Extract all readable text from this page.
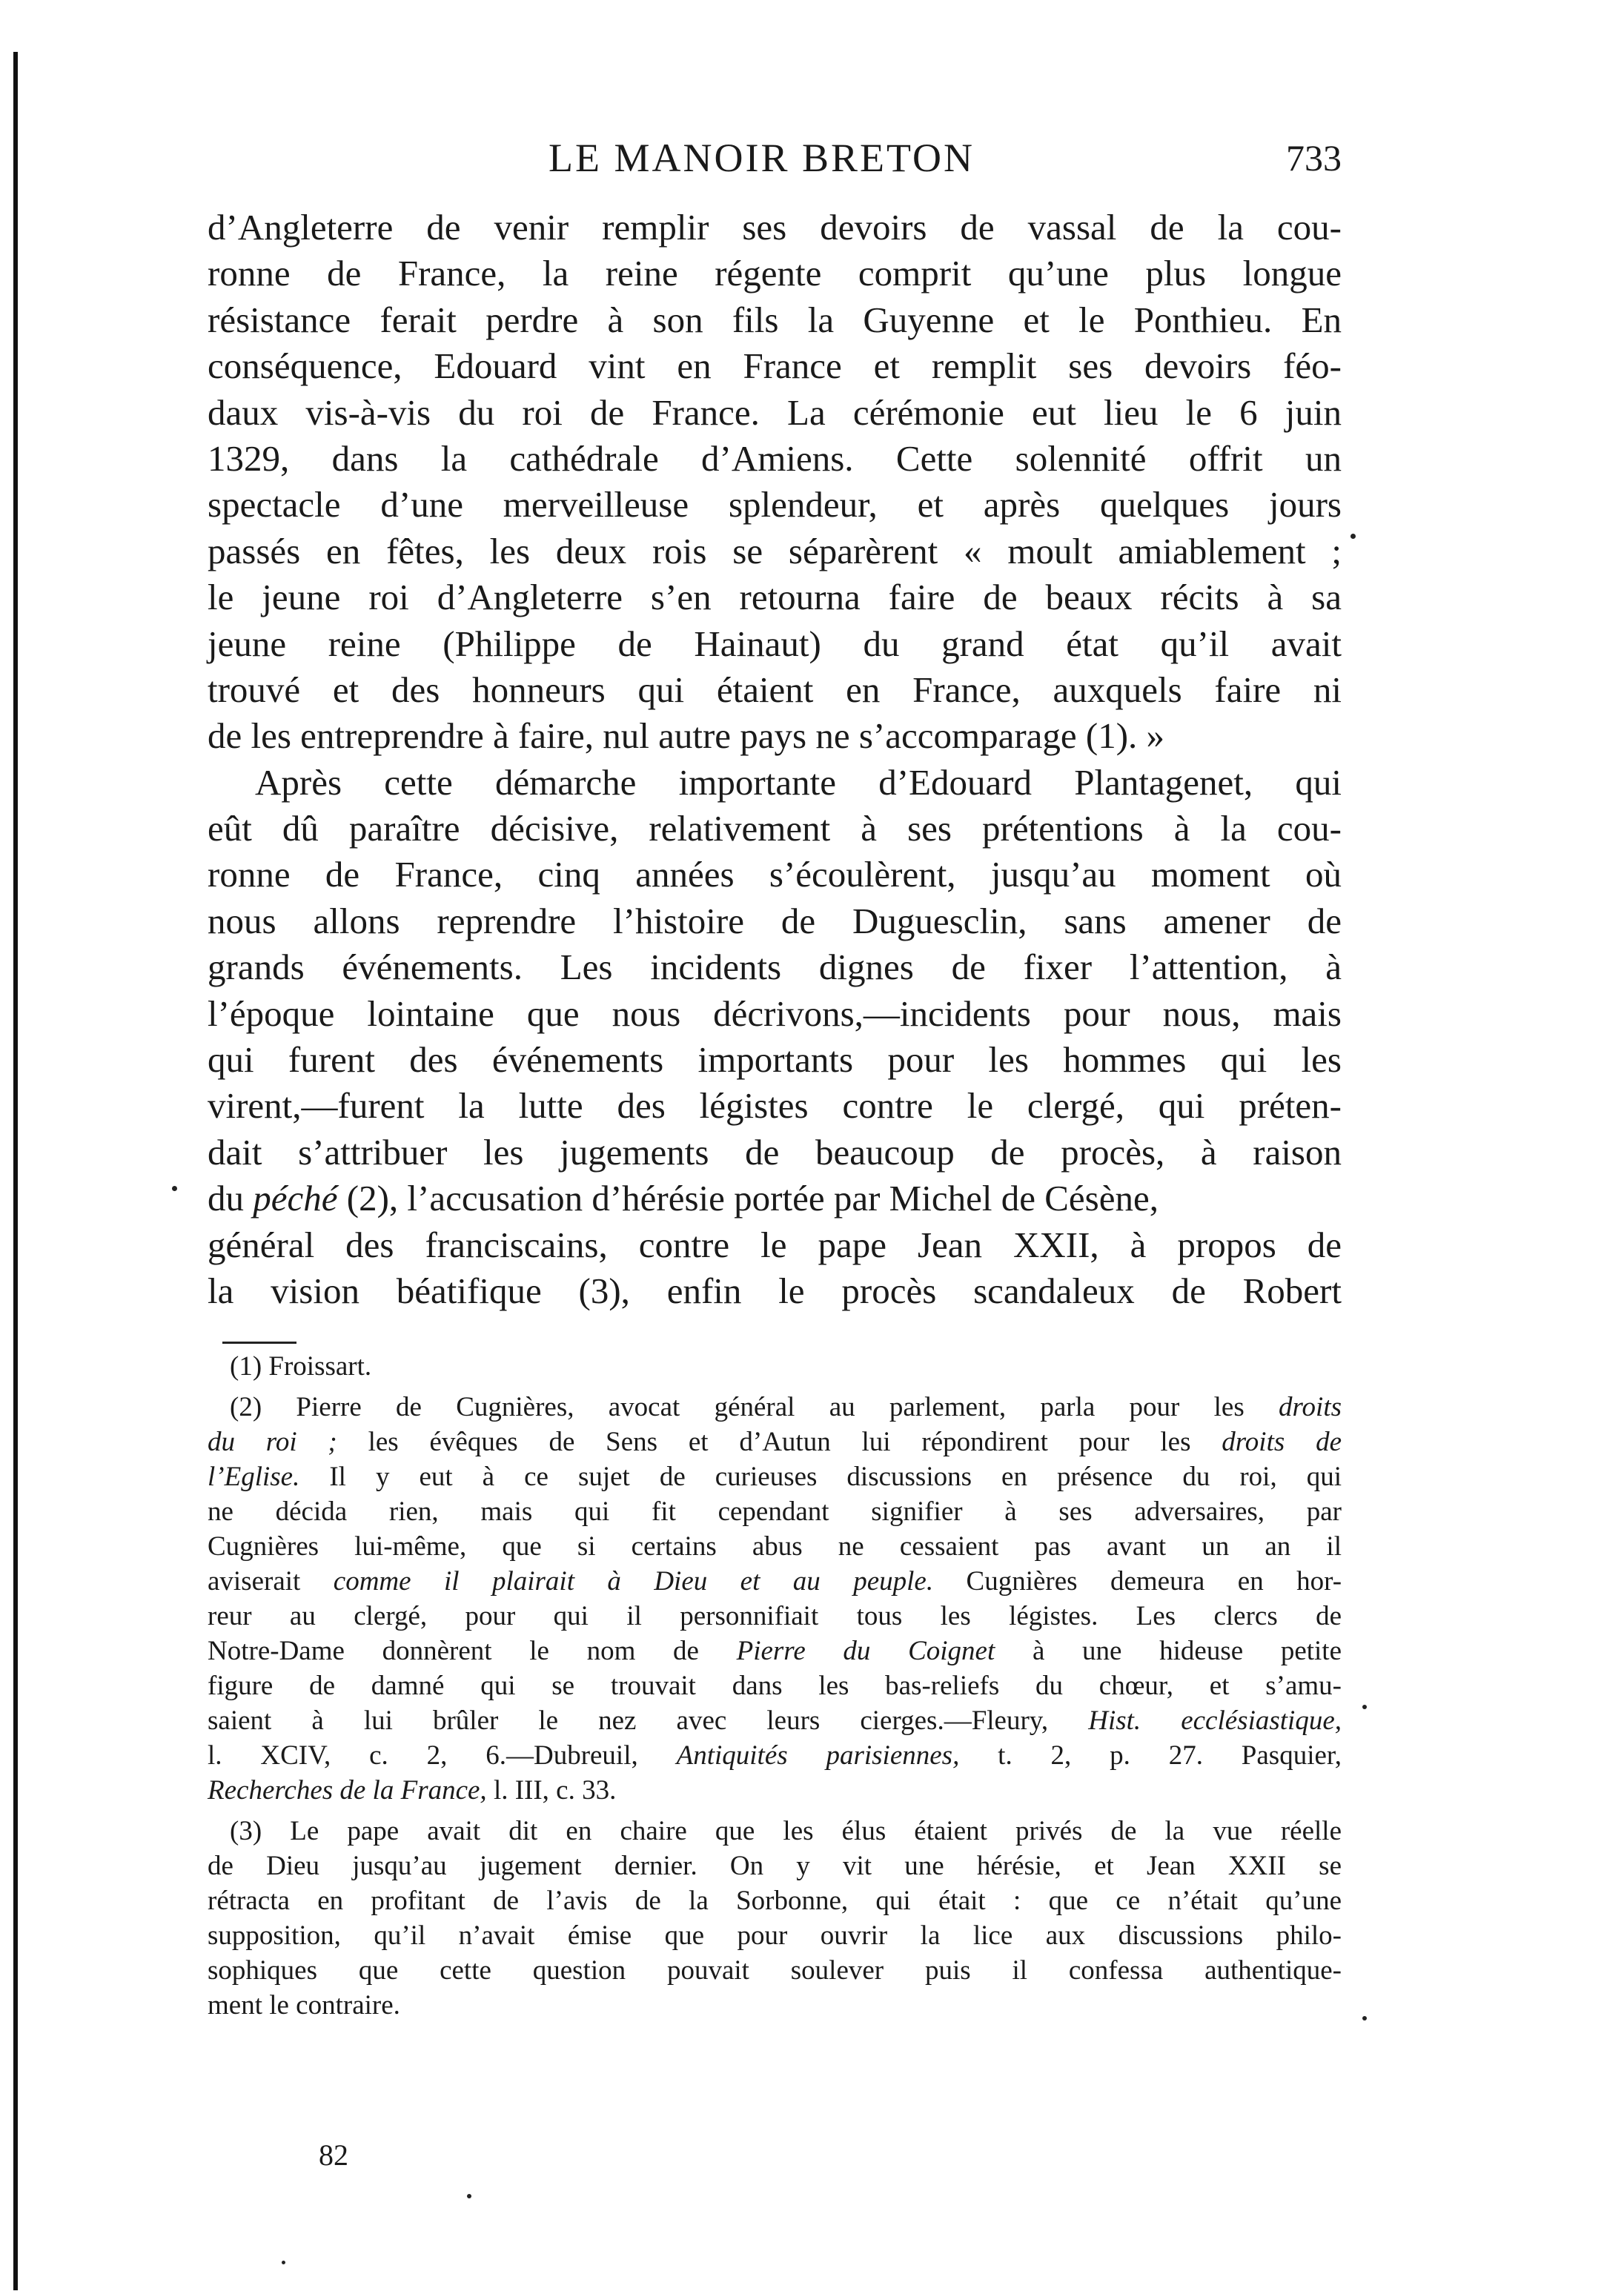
LE MANOIR BRETON	733
d’Angleterre de venir remplir ses devoirs de vassal de la cou-
ronne de France, la reine régente comprit qu’une plus longue
résistance ferait perdre à son fils la Guyenne et le Ponthieu. En
conséquence, Edouard vint en France et remplit ses devoirs féo-
daux vis-à-vis du roi de France. La cérémonie eut lieu le 6 juin
1329, dans la cathédrale d’Amiens. Cette solennité offrit un
spectacle d’une merveilleuse splendeur, et après quelques jours
passés en fêtes, les deux rois se séparèrent « moult amiablement ;
le jeune roi d’Angleterre s’en retourna faire de beaux récits à sa
jeune reine (Philippe de Hainaut) du grand état qu’il avait
trouvé et des honneurs qui étaient en France, auxquels faire ni
de les entreprendre à faire, nul autre pays ne s’accomparage (1). »
Après cette démarche importante d’Edouard Plantagenet, qui
eût dû paraître décisive, relativement à ses prétentions à la cou-
ronne de France, cinq années s’écoulèrent, jusqu’au moment où
nous allons reprendre l’histoire de Duguesclin, sans amener de
grands événements. Les incidents dignes de fixer l’attention, à
l’époque lointaine que nous décrivons,—incidents pour nous, mais
qui furent des événements importants pour les hommes qui les
virent,—furent la lutte des légistes contre le clergé, qui préten-
dait s’attribuer les jugements de beaucoup de procès, à raison
du péché (2), l’accusation d’hérésie portée par Michel de Césène,
général des franciscains, contre le pape Jean XXII, à propos de
la vision béatifique (3), enfin le procès scandaleux de Robert
(1) Froissart.
(2) Pierre de Cugnières, avocat général au parlement, parla pour les droits
du roi ; les évêques de Sens et d’Autun lui répondirent pour les droits de
l’Eglise. Il y eut à ce sujet de curieuses discussions en présence du roi, qui
ne décida rien, mais qui fit cependant signifier à ses adversaires, par
Cugnières lui-même, que si certains abus ne cessaient pas avant un an il
aviserait comme il plairait à Dieu et au peuple. Cugnières demeura en hor-
reur au clergé, pour qui il personnifiait tous les légistes. Les clercs de
Notre-Dame donnèrent le nom de Pierre du Coignet à une hideuse petite
figure de damné qui se trouvait dans les bas-reliefs du chœur, et s’amu-
saient à lui brûler le nez avec leurs cierges.—Fleury, Hist. ecclésiastique,
l. XCIV, c. 2, 6.—Dubreuil, Antiquités parisiennes, t. 2, p. 27. Pasquier,
Recherches de la France, l. III, c. 33.
(3) Le pape avait dit en chaire que les élus étaient privés de la vue réelle
de Dieu jusqu’au jugement dernier. On y vit une hérésie, et Jean XXII se
rétracta en profitant de l’avis de la Sorbonne, qui était : que ce n’était qu’une
supposition, qu’il n’avait émise que pour ouvrir la lice aux discussions philo-
sophiques que cette question pouvait soulever puis il confessa authentique-
ment le contraire.
82
